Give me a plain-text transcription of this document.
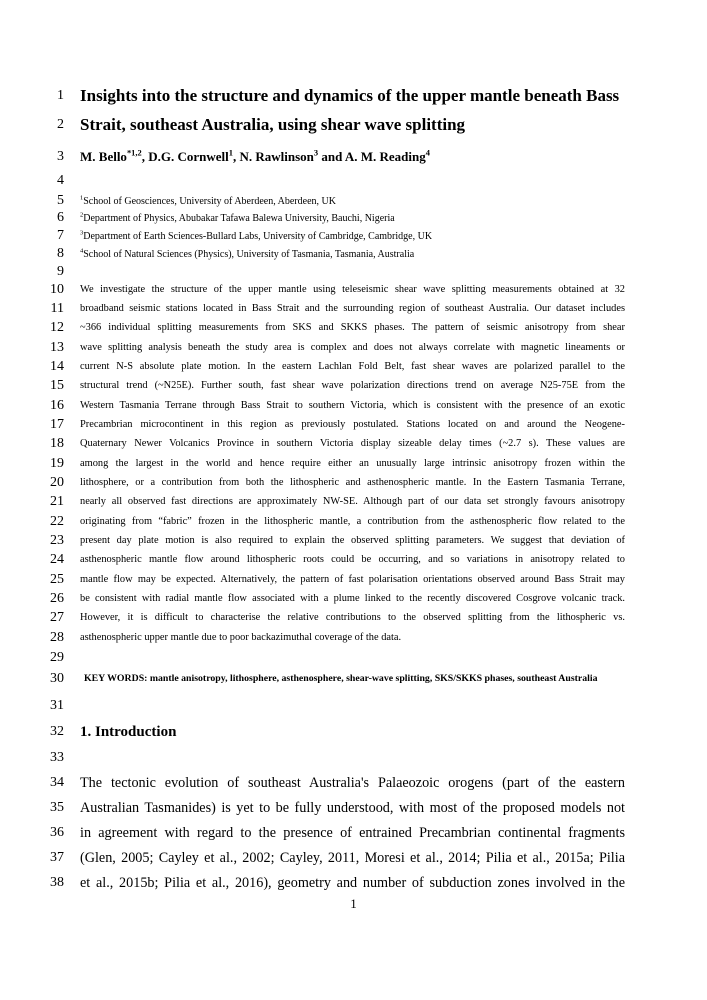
1
2
3
4
5
6
7
8
9
10
11
12
13
14
15
16
17
18
19
20
21
22
23
24
25
26
27
28
29
30
31
32
33
34
35
36
37
38
Insights into the structure and dynamics of the upper mantle beneath Bass
Strait, southeast Australia, using shear wave splitting
M. Bello$^{*1,2}$, D.G. Cornwell$^1$, N. Rawlinson$^3$ and A. M. Reading$^4$
$^1$School of Geosciences, University of Aberdeen, Aberdeen, UK
$^2$Department of Physics, Abubakar Tafawa Balewa University, Bauchi, Nigeria
$^3$Department of Earth Sciences-Bullard Labs, University of Cambridge, Cambridge, UK
$^4$School of Natural Sciences (Physics), University of Tasmania, Tasmania, Australia
We investigate the structure of the upper mantle using teleseismic shear wave splitting measurements obtained at 32
broadband seismic stations located in Bass Strait and the surrounding region of southeast Australia. Our dataset includes
~366 individual splitting measurements from SKS and SKKS phases. The pattern of seismic anisotropy from shear
wave splitting analysis beneath the study area is complex and does not always correlate with magnetic lineaments or
current N-S absolute plate motion. In the eastern Lachlan Fold Belt, fast shear waves are polarized parallel to the
structural trend (~N25E). Further south, fast shear wave polarization directions trend on average N25-75E from the
Western Tasmania Terrane through Bass Strait to southern Victoria, which is consistent with the presence of an exotic
Precambrian microcontinent in this region as previously postulated. Stations located on and around the Neogene-
Quaternary Newer Volcanics Province in southern Victoria display sizeable delay times (~2.7 s). These values are
among the largest in the world and hence require either an unusually large intrinsic anisotropy frozen within the
lithosphere, or a contribution from both the lithospheric and asthenospheric mantle. In the Eastern Tasmania Terrane,
nearly all observed fast directions are approximately NW-SE. Although part of our data set strongly favours anisotropy
originating from “fabric” frozen in the lithospheric mantle, a contribution from the asthenospheric flow related to the
present day plate motion is also required to explain the observed splitting parameters. We suggest that deviation of
asthenospheric mantle flow around lithospheric roots could be occurring, and so variations in anisotropy related to
mantle flow may be expected. Alternatively, the pattern of fast polarisation orientations observed around Bass Strait may
be consistent with radial mantle flow associated with a plume linked to the recently discovered Cosgrove volcanic track.
However, it is difficult to characterise the relative contributions to the observed splitting from the lithospheric vs.
asthenospheric upper mantle due to poor backazimuthal coverage of the data.
KEY WORDS: mantle anisotropy, lithosphere, asthenosphere, shear-wave splitting, SKS/SKKS phases, southeast Australia
1. Introduction
The tectonic evolution of southeast Australia's Palaeozoic orogens (part of the eastern
Australian Tasmanides) is yet to be fully understood, with most of the proposed models not
in agreement with regard to the presence of entrained Precambrian continental fragments
(Glen, 2005; Cayley et al., 2002; Cayley, 2011, Moresi et al., 2014; Pilia et al., 2015a; Pilia
et al., 2015b; Pilia et al., 2016), geometry and number of subduction zones involved in the
1
